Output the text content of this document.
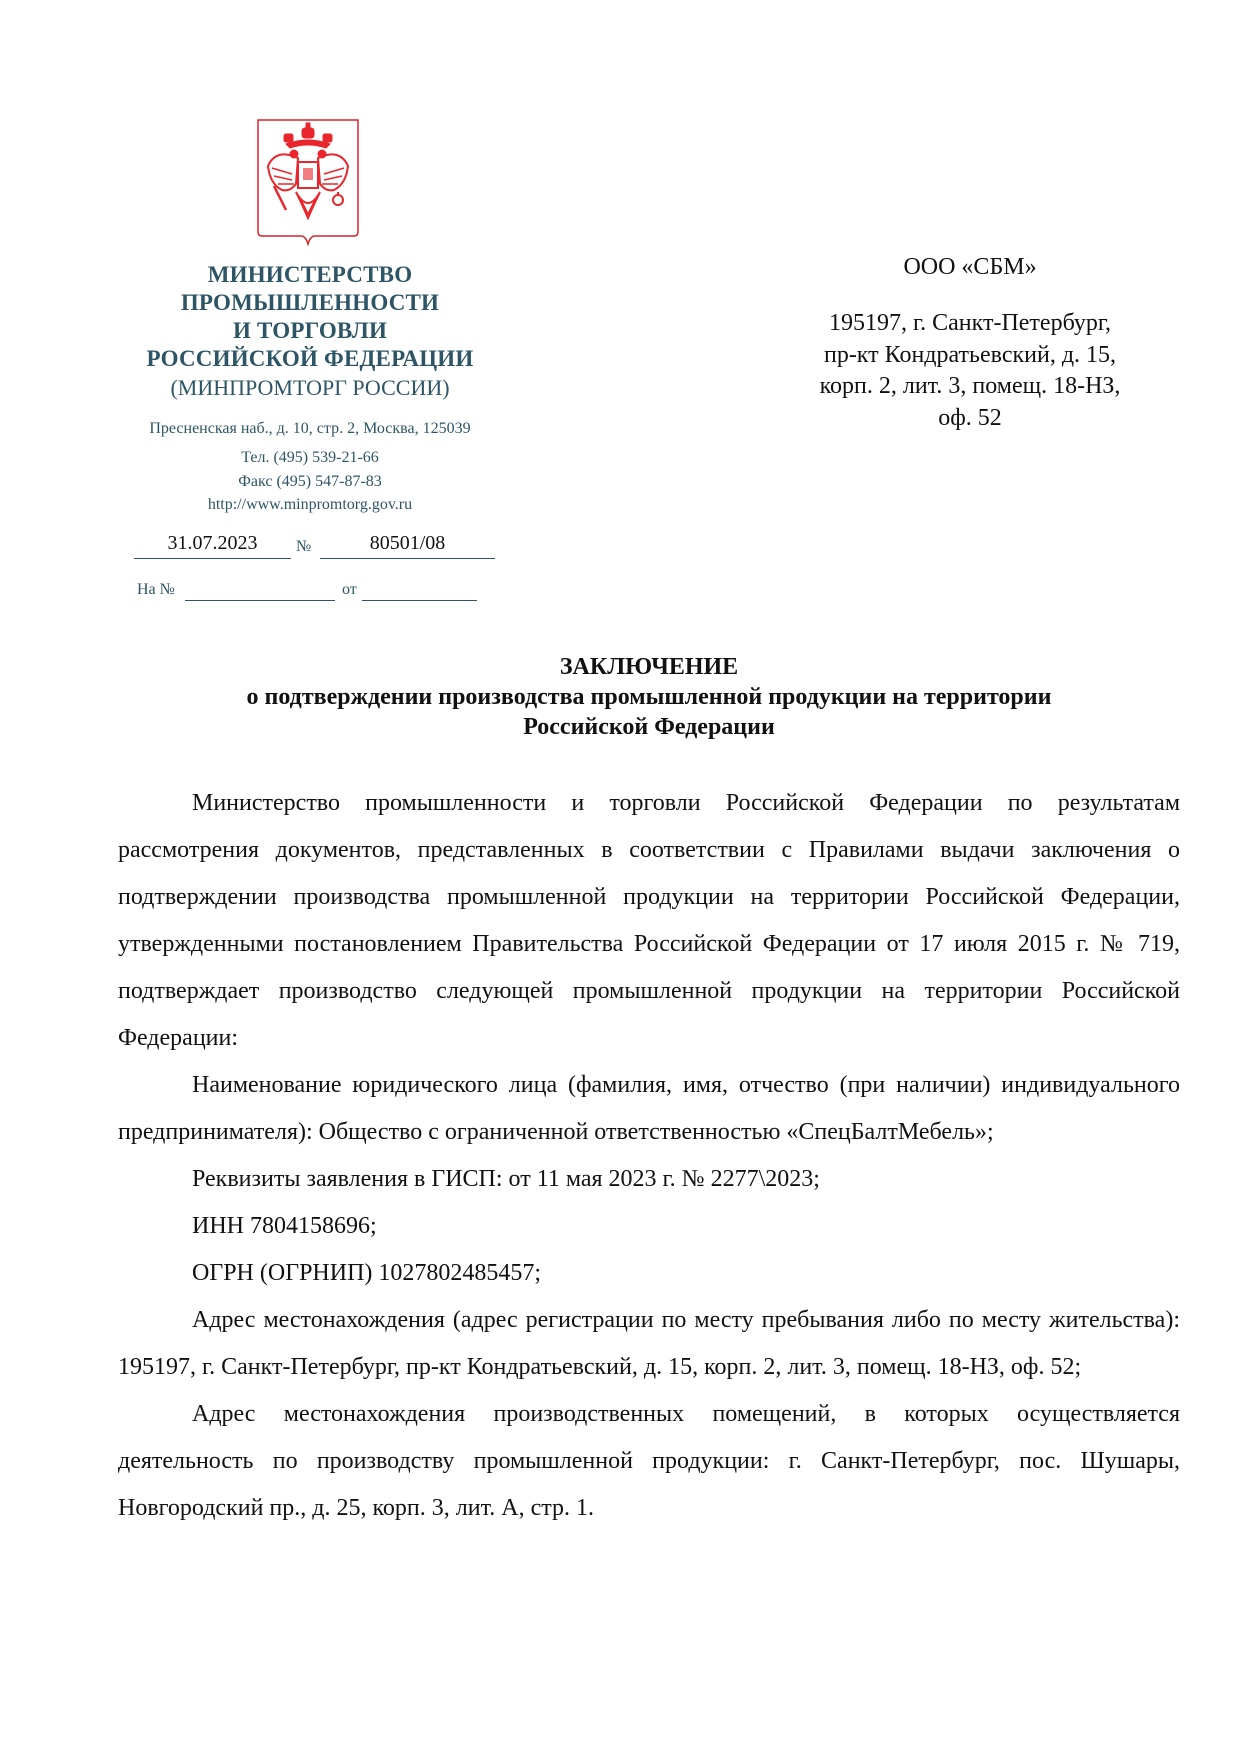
МИНИСТЕРСТВО
ПРОМЫШЛЕННОСТИ
И ТОРГОВЛИ
РОССИЙСКОЙ ФЕДЕРАЦИИ
(МИНПРОМТОРГ РОССИИ)
Пресненская наб., д. 10, стр. 2, Москва, 125039
Тел. (495) 539-21-66
Факс (495) 547-87-83
http://www.minpromtorg.gov.ru
31.07.2023	№	80501/08
На №	от
ООО «СБМ»
195197, г. Санкт-Петербург,
пр-кт Кондратьевский, д. 15,
корп. 2, лит. 3, помещ. 18-НЗ,
оф. 52
ЗАКЛЮЧЕНИЕ
о подтверждении производства промышленной продукции на территории
Российской Федерации

Министерство промышленности и торговли Российской Федерации по результатам рассмотрения документов, представленных в соответствии с Правилами выдачи заключения о подтверждении производства промышленной продукции на территории Российской Федерации, утвержденными постановлением Правительства Российской Федерации от 17 июля 2015 г. № 719, подтверждает производство следующей промышленной продукции на территории Российской Федерации:

Наименование юридического лица (фамилия, имя, отчество (при наличии) индивидуального предпринимателя): Общество с ограниченной ответственностью «СпецБалтМебель»;

Реквизиты заявления в ГИСП: от 11 мая 2023 г. № 2277\2023;

ИНН 7804158696;

ОГРН (ОГРНИП) 1027802485457;

Адрес местонахождения (адрес регистрации по месту пребывания либо по месту жительства): 195197, г. Санкт-Петербург, пр-кт Кондратьевский, д. 15, корп. 2, лит. 3, помещ. 18-НЗ, оф. 52;

Адрес местонахождения производственных помещений, в которых осуществляется деятельность по производству промышленной продукции: г. Санкт-Петербург, пос. Шушары, Новгородский пр., д. 25, корп. 3, лит. А, стр. 1.
